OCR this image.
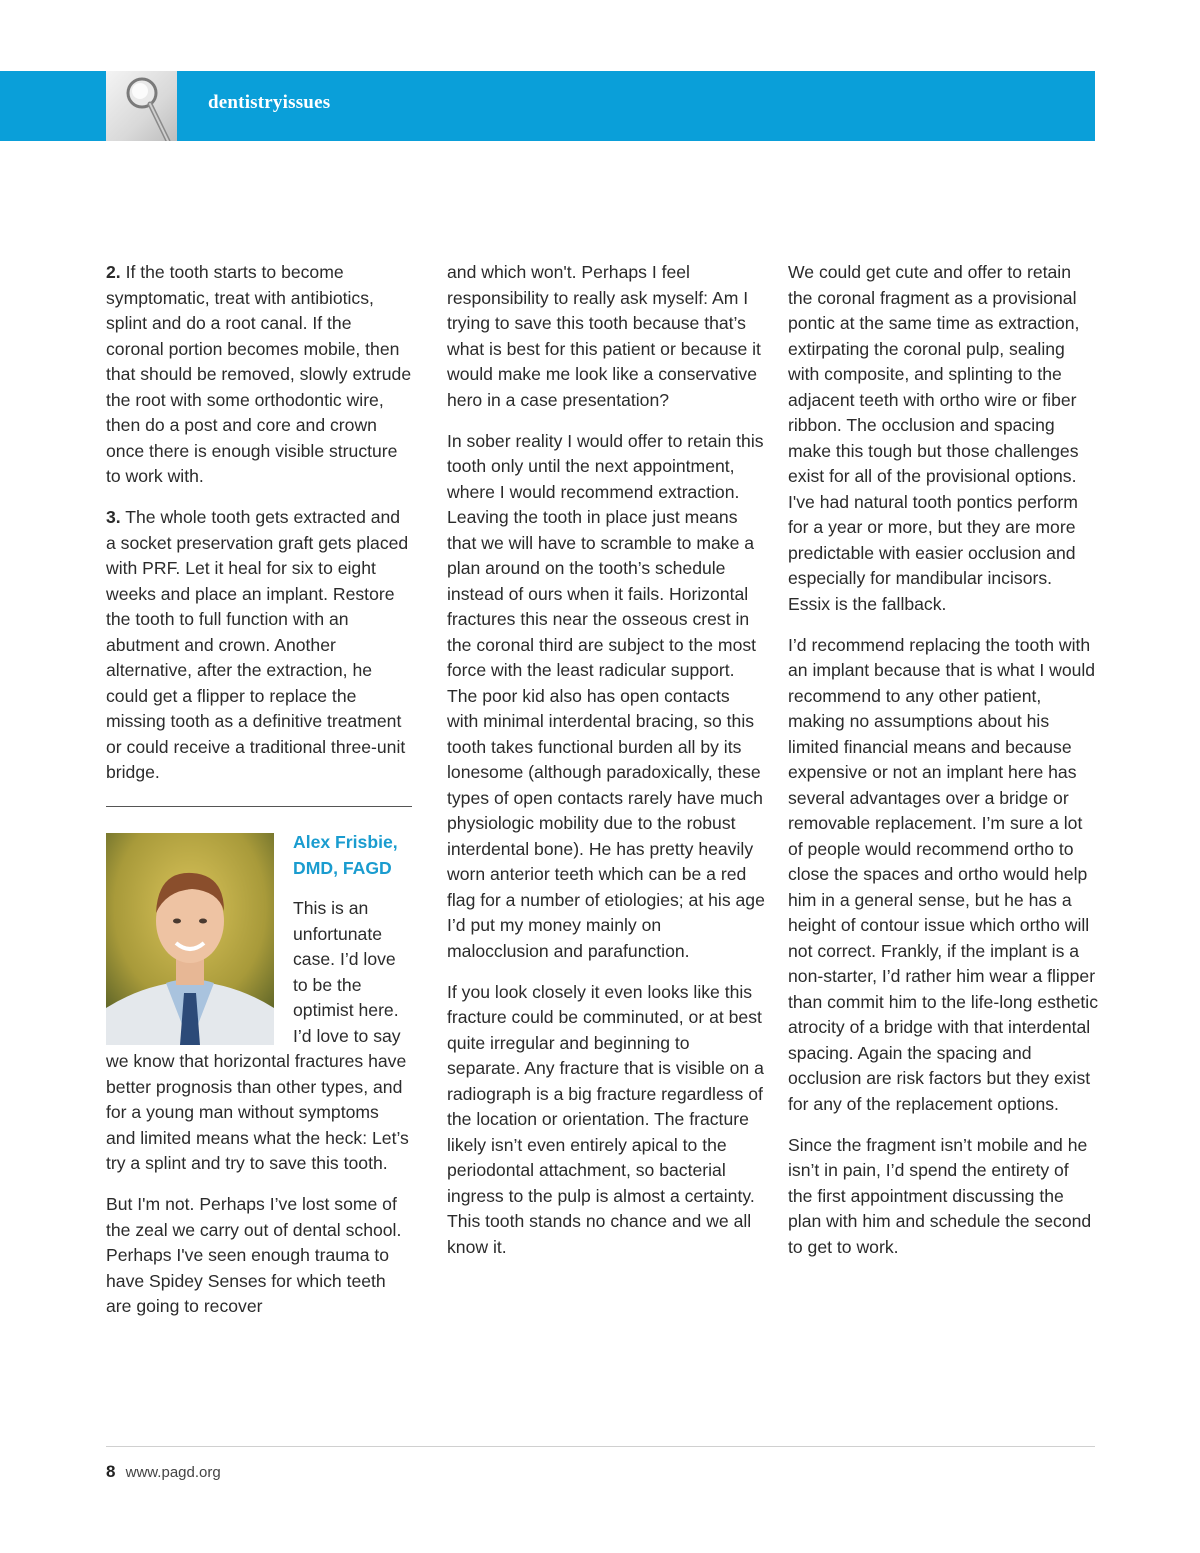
dentistryissues

2. If the tooth starts to become symptomatic, treat with antibiotics, splint and do a root canal. If the coronal portion becomes mobile, then that should be removed, slowly extrude the root with some orthodontic wire, then do a post and core and crown once there is enough visible structure to work with.

3. The whole tooth gets extracted and a socket preservation graft gets placed with PRF. Let it heal for six to eight weeks and place an implant. Restore the tooth to full function with an abutment and crown. Another alternative, after the extraction, he could get a flipper to replace the missing tooth as a definitive treatment or could receive a traditional three-unit bridge.

Alex Frisbie,
DMD, FAGD

This is an unfortunate case. I’d love to be the optimist here. I’d love to say we know that horizontal fractures have better prognosis than other types, and for a young man without symptoms and limited means what the heck: Let’s try a splint and try to save this tooth.

But I'm not. Perhaps I’ve lost some of the zeal we carry out of dental school. Perhaps I've seen enough trauma to have Spidey Senses for which teeth are going to recover

and which won't. Perhaps I feel responsibility to really ask myself: Am I trying to save this tooth because that’s what is best for this patient or because it would make me look like a conservative hero in a case presentation?

In sober reality I would offer to retain this tooth only until the next appointment, where I would recommend extraction. Leaving the tooth in place just means that we will have to scramble to make a plan around on the tooth’s schedule instead of ours when it fails. Horizontal fractures this near the osseous crest in the coronal third are subject to the most force with the least radicular support. The poor kid also has open contacts with minimal interdental bracing, so this tooth takes functional burden all by its lonesome (although paradoxically, these types of open contacts rarely have much physiologic mobility due to the robust interdental bone). He has pretty heavily worn anterior teeth which can be a red flag for a number of etiologies; at his age I’d put my money mainly on malocclusion and parafunction.

If you look closely it even looks like this fracture could be comminuted, or at best quite irregular and beginning to separate. Any fracture that is visible on a radiograph is a big fracture regardless of the location or orientation. The fracture likely isn’t even entirely apical to the periodontal attachment, so bacterial ingress to the pulp is almost a certainty. This tooth stands no chance and we all know it.

We could get cute and offer to retain the coronal fragment as a provisional pontic at the same time as extraction, extirpating the coronal pulp, sealing with composite, and splinting to the adjacent teeth with ortho wire or fiber ribbon. The occlusion and spacing make this tough but those challenges exist for all of the provisional options. I've had natural tooth pontics perform for a year or more, but they are more predictable with easier occlusion and especially for mandibular incisors. Essix is the fallback.

I’d recommend replacing the tooth with an implant because that is what I would recommend to any other patient, making no assumptions about his limited financial means and because expensive or not an implant here has several advantages over a bridge or removable replacement. I’m sure a lot of people would recommend ortho to close the spaces and ortho would help him in a general sense, but he has a height of contour issue which ortho will not correct. Frankly, if the implant is a non-starter, I’d rather him wear a flipper than commit him to the life-long esthetic atrocity of a bridge with that interdental spacing. Again the spacing and occlusion are risk factors but they exist for any of the replacement options.

Since the fragment isn’t mobile and he isn’t in pain, I’d spend the entirety of the first appointment discussing the plan with him and schedule the second to get to work.

8 www.pagd.org
